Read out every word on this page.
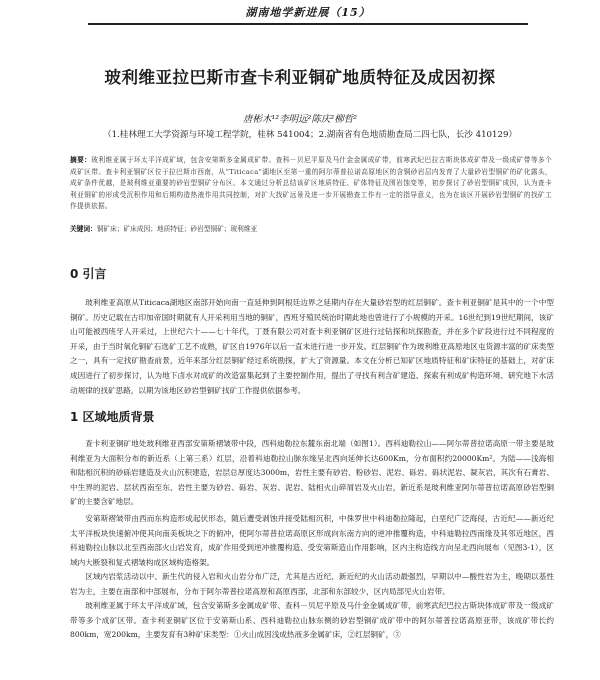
湖南地学新进展（15）
玻利维亚拉巴斯市查卡利亚铜矿地质特征及成因初探
唐彬木¹²李明远²陈庆²柳哲²
（1.桂林理工大学资源与环境工程学院，桂林 541004；2.湖南省有色地质勘查局二四七队，长沙 410129）
摘要：玻利维亚属于环太平洋成矿域，包含安第斯多金属成矿带。查科－贝尼平原及马什金金属成矿带，前寒武纪巴拉古斯块体成矿带及一级成矿带等多个成矿区带。查卡利亚铜矿区位于拉巴斯市西南，从“Titicaca”湖地区至第一重的阿尔蒂普拉诺高原地区的含铜砂岩层内发育了大量砂岩型铜矿的矿化露头，成矿条件优越，是玻利维亚重要的砂岩型铜矿分布区。本文通过分析总结该矿区地质特征、矿体特征及围岩蚀变等，初步探讨了砂岩型铜矿成因，认为查卡利亚铜矿的形成受沉积作用和后期构造热液作用共同控制，对扩大找矿远景及进一步开展勘查工作有一定的指导意义，也为在该区开展砂岩型铜矿的找矿工作提供依据。
关键词：铜矿床；矿床成因；地质特征；砂岩型铜矿；玻利维亚
0 引言

玻利维亚高原从Titicaca湖地区南部开始向南一直延伸到阿根廷边界之延期内存在大量砂岩型的红层铜矿。查卡利亚铜矿是其中的一个中型铜矿。历史记载在古印加帝国时期就有人开采利用当地的铜矿，西班牙殖民统治时期此地也曾进行了小规模的开采。16世纪到19世纪期间，该矿山可能被西班牙人开采过，上世纪六十——七十年代，丁聂有限公司对查卡利亚铜矿区进行过钻探和坑探勘查，并在多个矿段进行过不同程度的开采，由于当时氧化铜矿石选矿工艺不成熟，矿区自1976年以后一直未进行进一步开发。红层铜矿作为玻利维亚高原地区屯货源丰富的矿床类型之一，具有一定找矿勘查前景，近年来部分红层铜矿经过系统勘探，扩大了资源量。本文在分析已知矿区地质特征和矿床特征的基础上，对矿床成因进行了初步探讨，认为地下卤水对成矿的改造富集起到了主要控制作用，提出了寻找有利含矿建造、探索有利成矿构造环境、研究地下水活动规律的找矿思路，以期为该地区砂岩型铜矿找矿工作提供依据参考。

1 区域地质背景

查卡利亚铜矿地处玻利维亚西部安第斯褶皱带中段，西科迪勒拉东麓东南北端（如图1）。西科迪勒拉山——阿尔蒂普拉诺高原一带主要是玻利维亚为大面积分布的新近系（上第三系）红层，沿着科迪勒拉山脉东缘呈北西向延伸长达600Km，分布面积约20000Km²。为陆——浅海相和陆相沉积的砂砾岩建造及火山沉积建造，岩层总厚度达3000m，岩性主要有砂岩、粉砂岩、泥岩、砾岩、砾状泥岩、凝灰岩，其次有石膏岩、中生界的泥岩、层状西南至东、岩性主要为砂岩、砾岩、灰岩、泥岩、陆相火山碎屑岩及火山岩，新近系是玻利维亚阿尔蒂普拉诺高原砂岩型铜矿的主要含矿地层。

安第斯褶皱带由西而东构造形成起伏形态，随后遭受剥蚀并接受陆相沉积，中侏罗世中科迪勒拉隆起，白垩纪广泛海侵，古近纪——新近纪太平洋板块快速俯冲使其向南美板块之下的俯冲，使阿尔蒂普拉诺高原区形成向东南方向的逆冲推覆构造，中科迪勒拉西南缘及其邻近地区，西科迪勒拉山脉以北至西南部火山岩发育，成矿作用受到逆冲推覆构造、受安第斯造山作用影响，区内主构造线方向呈北西向展布（见图3-1），区域内大断裂和复式褶皱构成区域构造格架。

区域内岩浆活动以中、新生代的侵入岩和火山岩分布广泛，尤其是古近纪、新近纪的火山活动最强烈，早期以中—酸性岩为主，晚期以基性岩为主，主要在南部和中部展布，分布于阿尔蒂普拉诺高原和高原西部，北部和东部较少，区内局部见火山岩带。

玻利维亚属于环太平洋成矿域，包含安第斯多金属成矿带、查科－贝尼平原及马什金金属成矿带，前寒武纪巴拉古斯块体成矿带及一级成矿带等多个成矿区带。查卡利亚铜矿区位于安第斯山系、西科迪勒拉山脉东侧的砂岩型铜矿成矿带中的阿尔蒂普拉诺高原亚带，该成矿带长约800km，宽200km，主要发育有3种矿床类型：①火山成因浅成热液多金属矿床，②红层铜矿，③
